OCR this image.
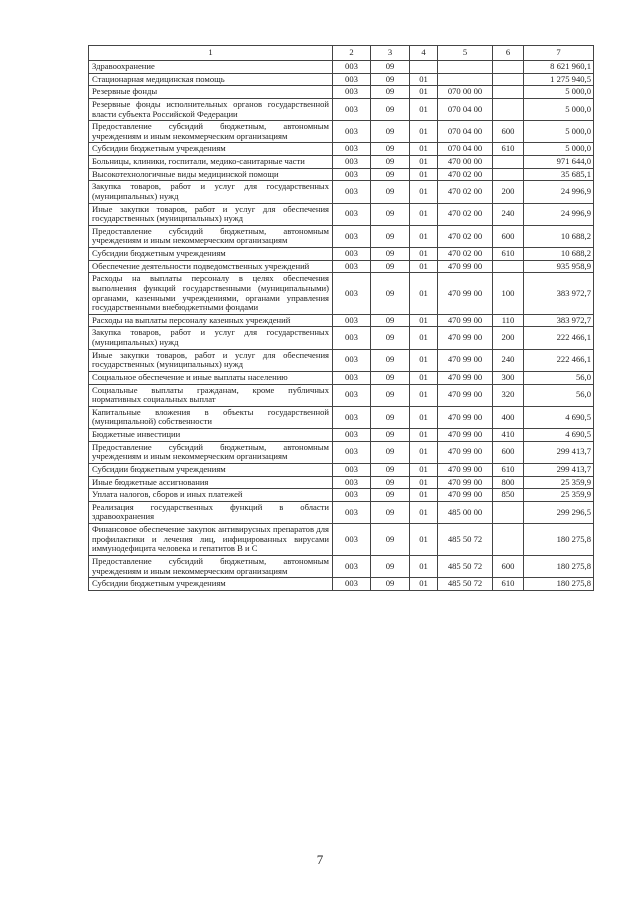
1	2	3	4	5	6	7
Здравоохранение	003	09				8 621 960,1
Стационарная медицинская помощь	003	09	01			1 275 940,5
Резервные фонды	003	09	01	070 00 00		5 000,0
Резервные фонды исполнительных органов государственной власти субъекта Российской Федерации	003	09	01	070 04 00		5 000,0
Предоставление субсидий бюджетным, автономным учреждениям и иным некоммерческим организациям	003	09	01	070 04 00	600	5 000,0
Субсидии бюджетным учреждениям	003	09	01	070 04 00	610	5 000,0
Больницы, клиники, госпитали, медико-санитарные части	003	09	01	470 00 00		971 644,0
Высокотехнологичные виды медицинской помощи	003	09	01	470 02 00		35 685,1
Закупка товаров, работ и услуг для государственных (муниципальных) нужд	003	09	01	470 02 00	200	24 996,9
Иные закупки товаров, работ и услуг для обеспечения государственных (муниципальных) нужд	003	09	01	470 02 00	240	24 996,9
Предоставление субсидий бюджетным, автономным учреждениям и иным некоммерческим организациям	003	09	01	470 02 00	600	10 688,2
Субсидии бюджетным учреждениям	003	09	01	470 02 00	610	10 688,2
Обеспечение деятельности подведомственных учреждений	003	09	01	470 99 00		935 958,9
Расходы на выплаты персоналу в целях обеспечения выполнения функций государственными (муниципальными) органами, казенными учреждениями, органами управления государственными внебюджетными фондами	003	09	01	470 99 00	100	383 972,7
Расходы на выплаты персоналу казенных учреждений	003	09	01	470 99 00	110	383 972,7
Закупка товаров, работ и услуг для государственных (муниципальных) нужд	003	09	01	470 99 00	200	222 466,1
Иные закупки товаров, работ и услуг для обеспечения государственных (муниципальных) нужд	003	09	01	470 99 00	240	222 466,1
Социальное обеспечение и иные выплаты населению	003	09	01	470 99 00	300	56,0
Социальные выплаты гражданам, кроме публичных нормативных социальных выплат	003	09	01	470 99 00	320	56,0
Капитальные вложения в объекты государственной (муниципальной) собственности	003	09	01	470 99 00	400	4 690,5
Бюджетные инвестиции	003	09	01	470 99 00	410	4 690,5
Предоставление субсидий бюджетным, автономным учреждениям и иным некоммерческим организациям	003	09	01	470 99 00	600	299 413,7
Субсидии бюджетным учреждениям	003	09	01	470 99 00	610	299 413,7
Иные бюджетные ассигнования	003	09	01	470 99 00	800	25 359,9
Уплата налогов, сборов и иных платежей	003	09	01	470 99 00	850	25 359,9
Реализация государственных функций в области здравоохранения	003	09	01	485 00 00		299 296,5
Финансовое обеспечение закупок антивирусных препаратов для профилактики и лечения лиц, инфицированных вирусами иммунодефицита человека и гепатитов В и С	003	09	01	485 50 72		180 275,8
Предоставление субсидий бюджетным, автономным учреждениям и иным некоммерческим организациям	003	09	01	485 50 72	600	180 275,8
Субсидии бюджетным учреждениям	003	09	01	485 50 72	610	180 275,8
7
